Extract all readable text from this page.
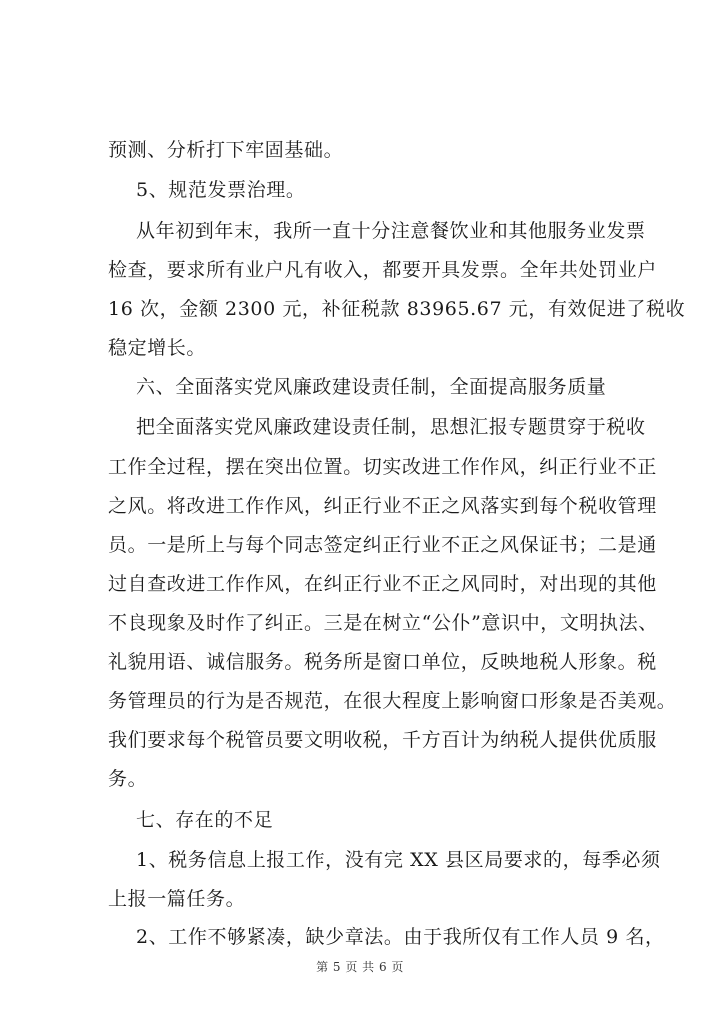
预测、分析打下牢固基础。
5、规范发票治理。
从年初到年末，我所一直十分注意餐饮业和其他服务业发票
检查，要求所有业户凡有收入，都要开具发票。全年共处罚业户
16 次，金额 2300 元，补征税款 83965.67 元，有效促进了税收
稳定增长。
六、全面落实党风廉政建设责任制，全面提高服务质量
把全面落实党风廉政建设责任制，思想汇报专题贯穿于税收
工作全过程，摆在突出位置。切实改进工作作风，纠正行业不正
之风。将改进工作作风，纠正行业不正之风落实到每个税收管理
员。一是所上与每个同志签定纠正行业不正之风保证书；二是通
过自查改进工作作风，在纠正行业不正之风同时，对出现的其他
不良现象及时作了纠正。三是在树立“公仆”意识中，文明执法、
礼貌用语、诚信服务。税务所是窗口单位，反映地税人形象。税
务管理员的行为是否规范，在很大程度上影响窗口形象是否美观。
我们要求每个税管员要文明收税，千方百计为纳税人提供优质服
务。
七、存在的不足
1、税务信息上报工作，没有完 XX 县区局要求的，每季必须
上报一篇任务。
2、工作不够紧凑，缺少章法。由于我所仅有工作人员 9 名，
第 5 页 共 6 页
